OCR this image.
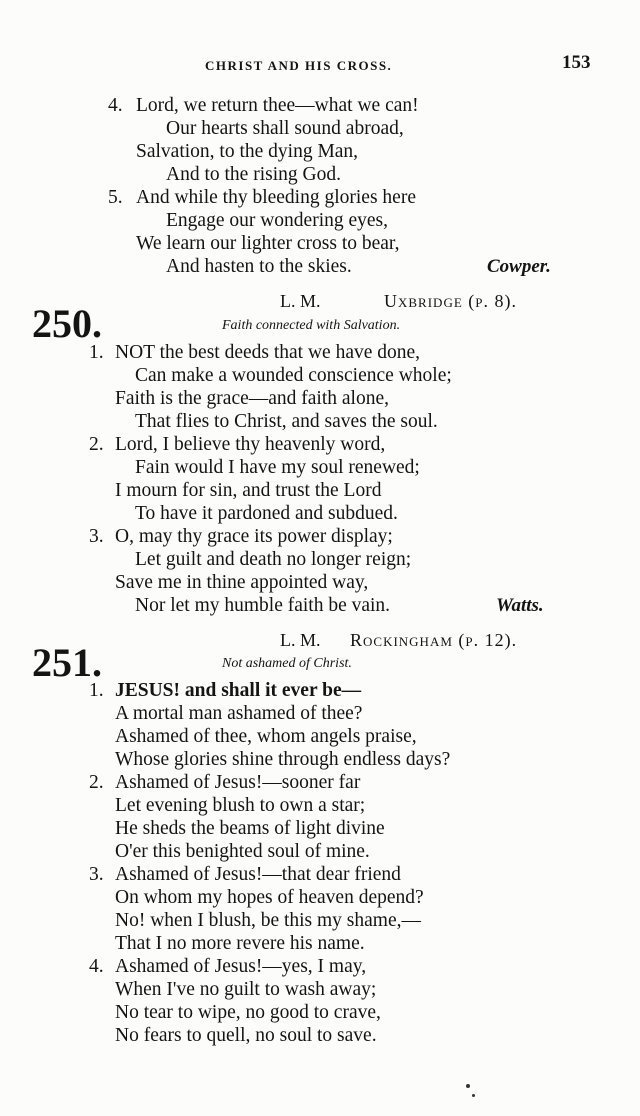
CHRIST AND HIS CROSS.	153
4. Lord, we return thee—what we can!
Our hearts shall sound abroad,
Salvation, to the dying Man,
And to the rising God.
5. And while thy bleeding glories here
Engage our wondering eyes,
We learn our lighter cross to bear,
And hasten to the skies.	Cowper.
L. M.	Uxbridge (p. 8).
250.	Faith connected with Salvation.
1. NOT the best deeds that we have done,
Can make a wounded conscience whole;
Faith is the grace—and faith alone,
That flies to Christ, and saves the soul.
2. Lord, I believe thy heavenly word,
Fain would I have my soul renewed;
I mourn for sin, and trust the Lord
To have it pardoned and subdued.
3. O, may thy grace its power display;
Let guilt and death no longer reign;
Save me in thine appointed way,
Nor let my humble faith be vain.	Watts.
L. M. Rockingham (p. 12).
251.	Not ashamed of Christ.
1. JESUS! and shall it ever be—
A mortal man ashamed of thee?
Ashamed of thee, whom angels praise,
Whose glories shine through endless days?
2. Ashamed of Jesus!—sooner far
Let evening blush to own a star;
He sheds the beams of light divine
O'er this benighted soul of mine.
3. Ashamed of Jesus!—that dear friend
On whom my hopes of heaven depend?
No! when I blush, be this my shame,—
That I no more revere his name.
4. Ashamed of Jesus!—yes, I may,
When I've no guilt to wash away;
No tear to wipe, no good to crave,
No fears to quell, no soul to save.
